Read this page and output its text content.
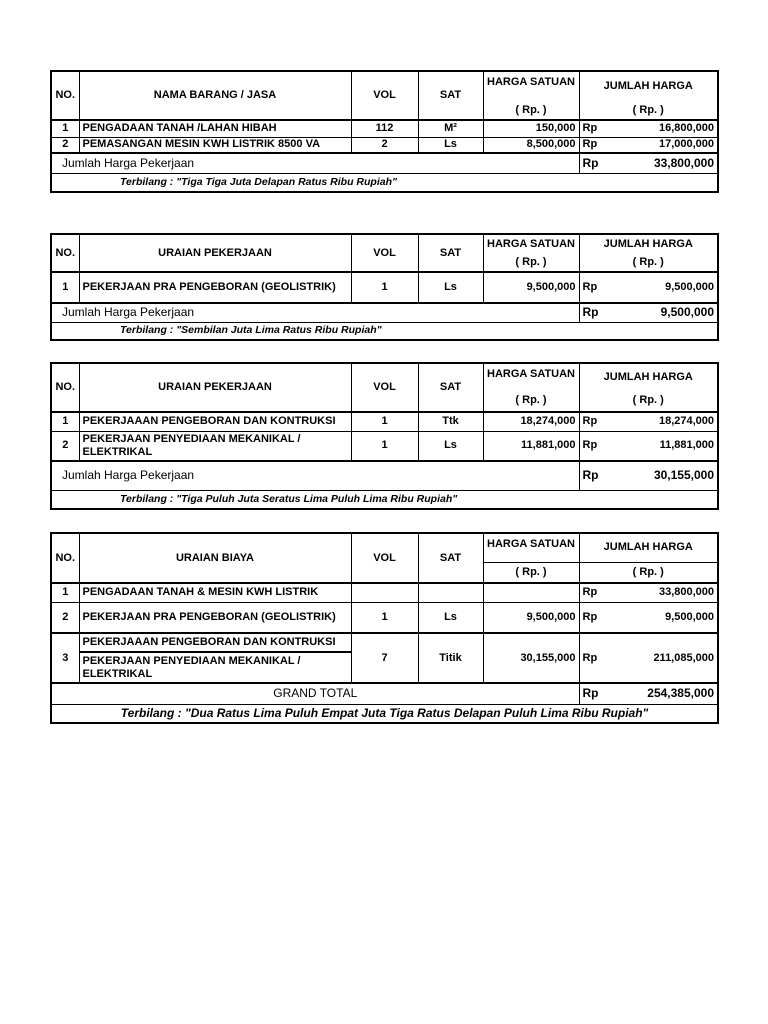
NO.	NAMA BARANG / JASA	VOL	SAT	HARGA SATUAN	JUMLAH HARGA	
				( Rp. )	( Rp. )	
1	PENGADAAN TANAH /LAHAN HIBAH	112	M²	150,000	Rp	16,800,000
2	PEMASANGAN MESIN KWH LISTRIK 8500 VA	2	Ls	8,500,000	Rp	17,000,000
Jumlah Harga Pekerjaan					Rp	33,800,000
Terbilang : "Tiga Tiga Juta Delapan Ratus Ribu Rupiah"						
NO.	URAIAN PEKERJAAN	VOL	SAT	HARGA SATUAN	JUMLAH HARGA	
				( Rp. )	( Rp. )	
1	PEKERJAAN PRA PENGEBORAN (GEOLISTRIK)	1	Ls	9,500,000	Rp	9,500,000
Jumlah Harga Pekerjaan					Rp	9,500,000
Terbilang : "Sembilan Juta Lima Ratus Ribu Rupiah"						
NO.	URAIAN PEKERJAAN	VOL	SAT	HARGA SATUAN	JUMLAH HARGA	
				( Rp. )	( Rp. )	
1	PEKERJAAAN PENGEBORAN DAN KONTRUKSI	1	Ttk	18,274,000	Rp	18,274,000
2	PEKERJAAN PENYEDIAAN MEKANIKAL / ELEKTRIKAL	1	Ls	11,881,000	Rp	11,881,000
Jumlah Harga Pekerjaan					Rp	30,155,000
Terbilang : "Tiga Puluh Juta Seratus Lima Puluh Lima Ribu Rupiah"						
NO.	URAIAN BIAYA	VOL	SAT	HARGA SATUAN	JUMLAH HARGA	
				( Rp. )	( Rp. )	
1	PENGADAAN TANAH & MESIN KWH LISTRIK				Rp	33,800,000
2	PEKERJAAN PRA PENGEBORAN (GEOLISTRIK)	1	Ls	9,500,000	Rp	9,500,000
3	PEKERJAAAN PENGEBORAN DAN KONTRUKSI	7	Titik	30,155,000	Rp	211,085,000
	PEKERJAAN PENYEDIAAN MEKANIKAL / ELEKTRIKAL					
GRAND TOTAL					Rp	254,385,000
Terbilang : "Dua Ratus Lima Puluh Empat Juta Tiga Ratus Delapan Puluh Lima Ribu Rupiah"						
